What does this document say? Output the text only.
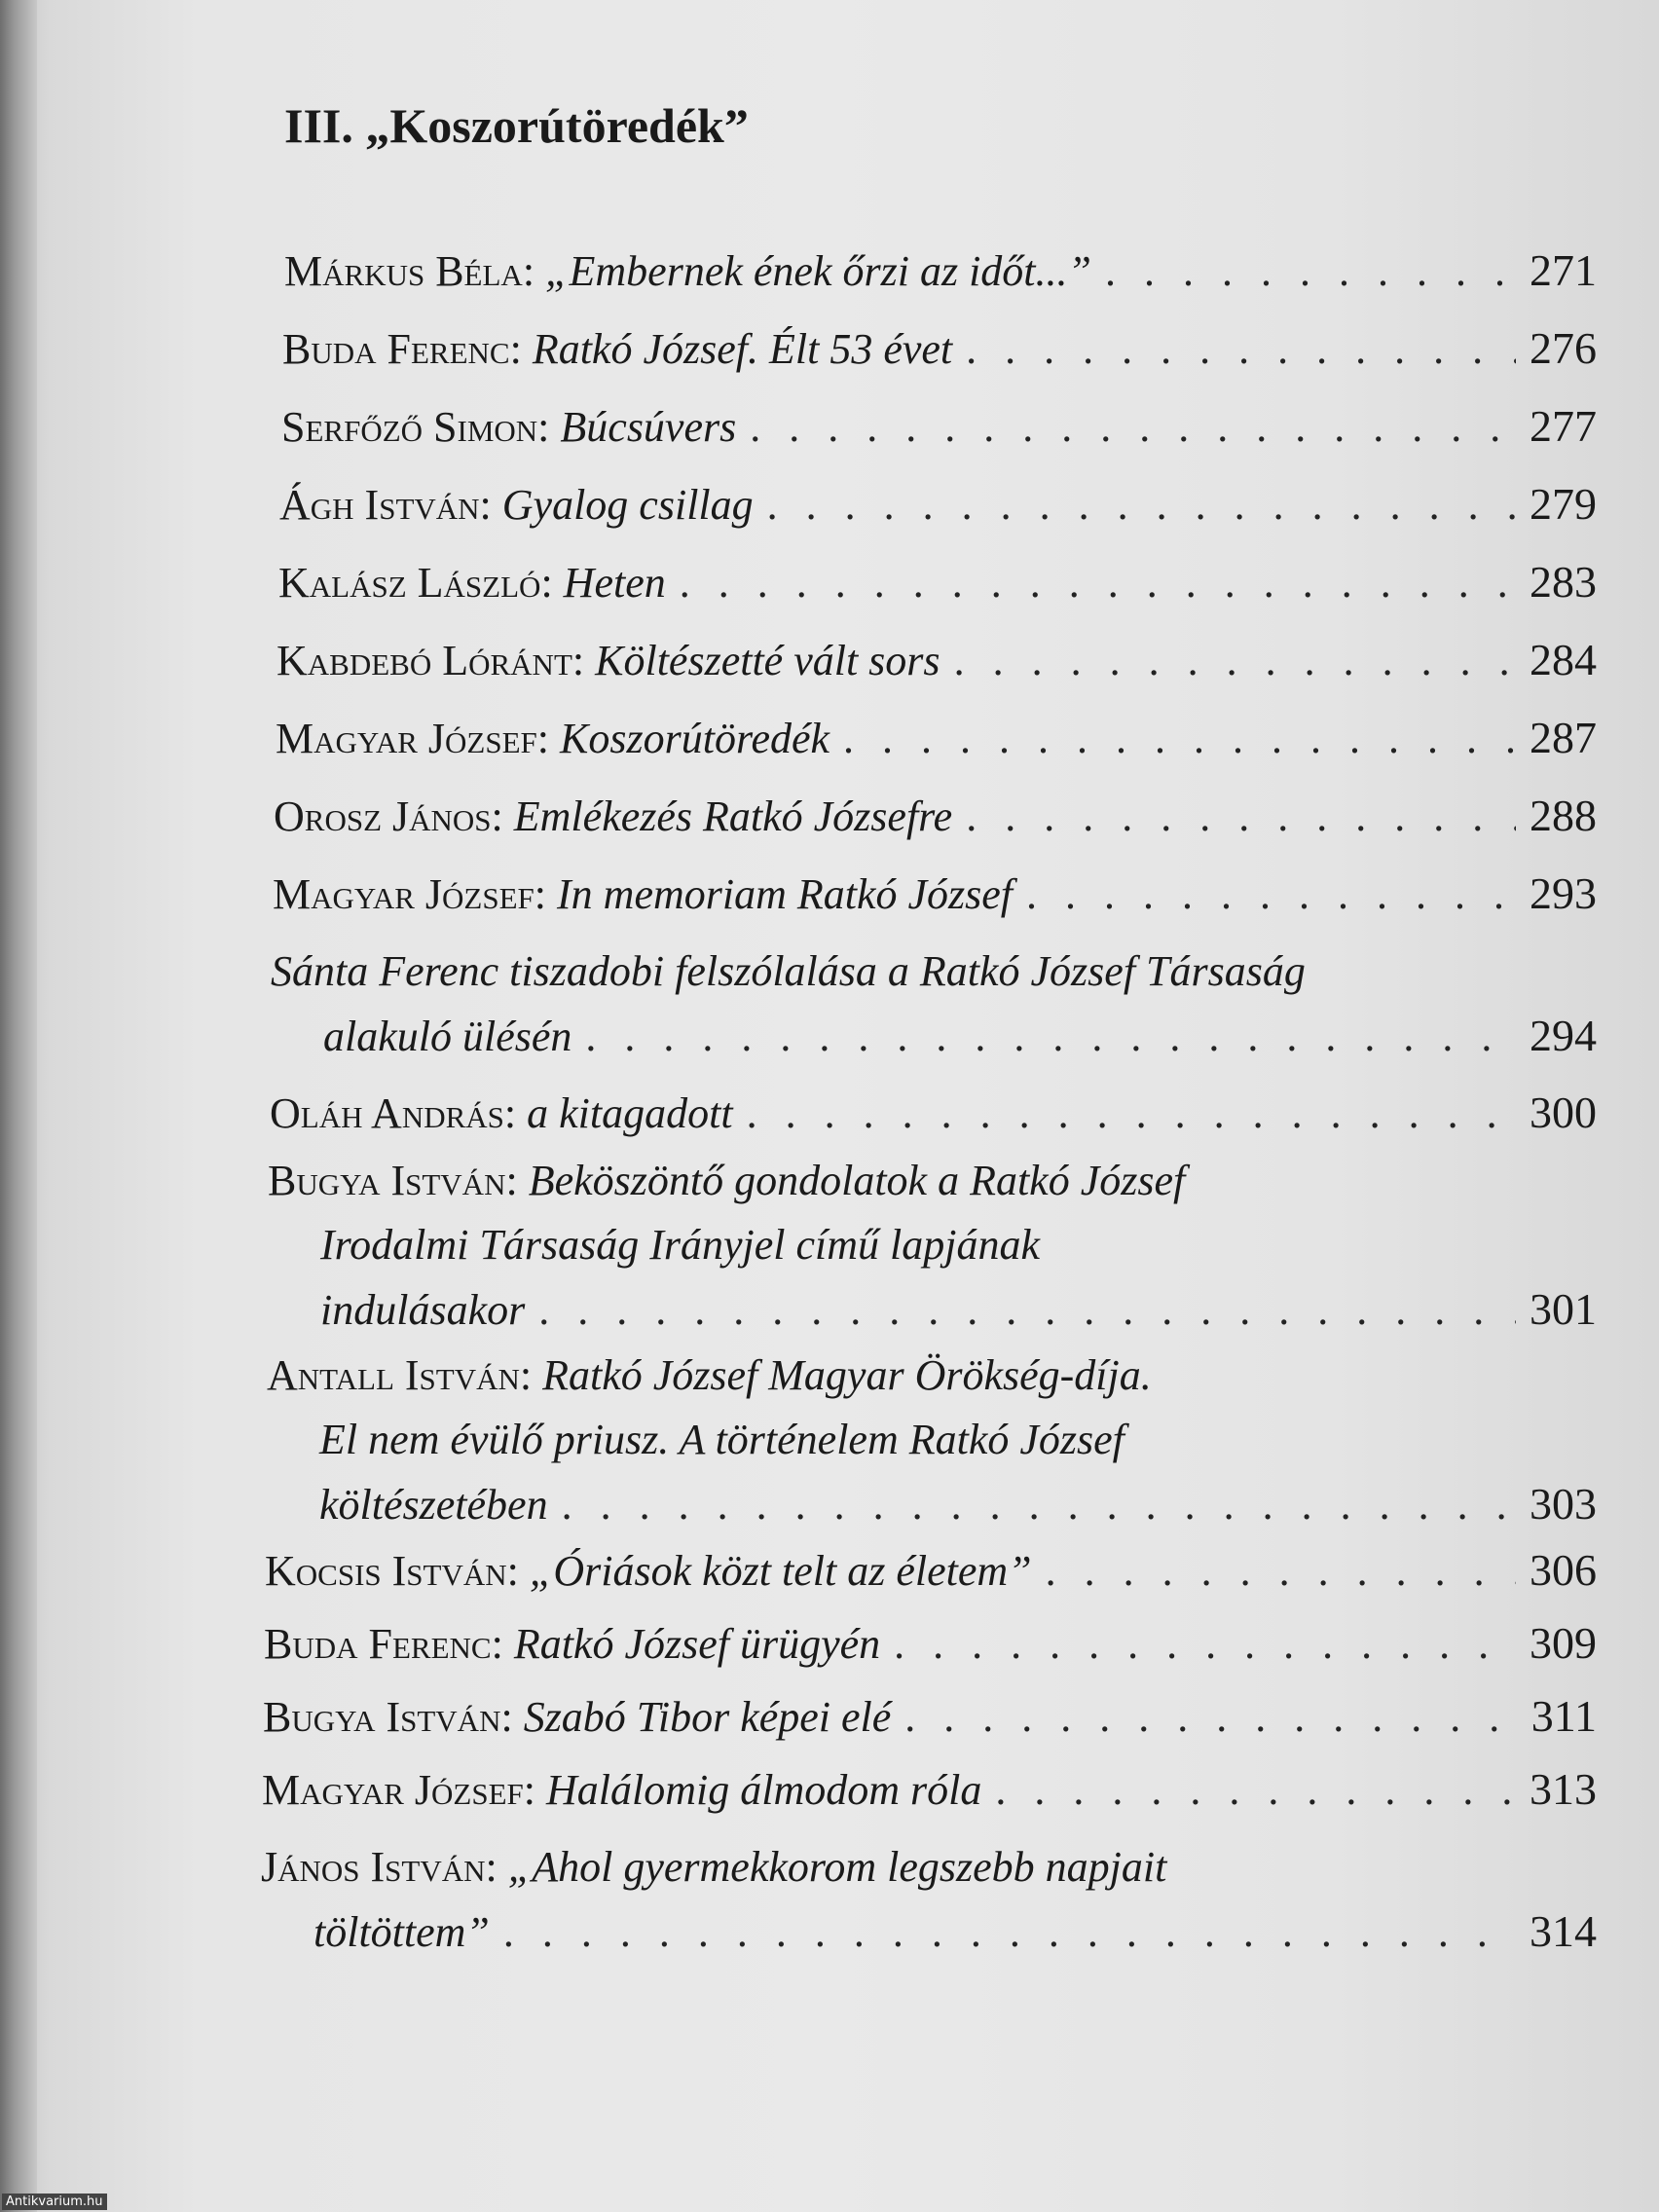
III. „Koszorútöredék”
Márkus Béla: „Embernek ének őrzi az időt...” . . .	271
Buda Ferenc: Ratkó József. Élt 53 évet . . .	276
Serfőző Simon: Búcsúvers . . .	277
Ágh István: Gyalog csillag . . .	279
Kalász László: Heten . . .	283
Kabdebó Lóránt: Költészetté vált sors . . .	284
Magyar József: Koszorútöredék . . .	287
Orosz János: Emlékezés Ratkó Józsefre . . .	288
Magyar József: In memoriam Ratkó József . . .	293
Sánta Ferenc tiszadobi felszólalása a Ratkó József Társaság
alakuló ülésén . . .	294
Oláh András: a kitagadott . . .	300
Bugya István: Beköszöntő gondolatok a Ratkó József
Irodalmi Társaság Irányjel című lapjának
indulásakor . . .	301
Antall István: Ratkó József Magyar Örökség-díja.
El nem évülő priusz. A történelem Ratkó József
költészetében . . .	303
Kocsis István: „Óriások közt telt az életem” . . .	306
Buda Ferenc: Ratkó József ürügyén . . .	309
Bugya István: Szabó Tibor képei elé . . .	311
Magyar József: Halálomig álmodom róla . . .	313
János István: „Ahol gyermekkorom legszebb napjait
töltöttem” . . .	314
Antikvarium.hu
